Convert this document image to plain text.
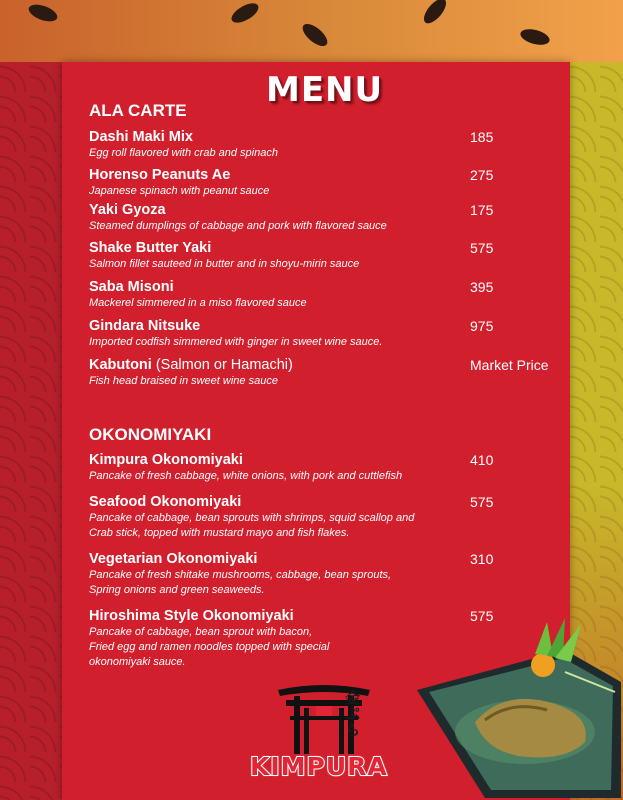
MENU
ALA CARTE
Dashi Maki Mix
Egg roll flavored with crab and spinach
185
Horenso Peanuts Ae
Japanese spinach with peanut sauce
275
Yaki Gyoza
Steamed dumplings of cabbage and pork with flavored sauce
175
Shake Butter Yaki
Salmon fillet sauteed in butter and in shoyu-mirin sauce
575
Saba Misoni
Mackerel simmered in a miso flavored sauce
395
Gindara Nitsuke
Imported codfish simmered with ginger in sweet wine sauce.
975
Kabutoni (Salmon or Hamachi)
Fish head braised in sweet wine sauce
Market Price
OKONOMIYAKI
Kimpura Okonomiyaki
Pancake of fresh cabbage, white onions, with pork and cuttlefish
410
Seafood Okonomiyaki
Pancake of cabbage, bean sprouts with shrimps, squid scallop and
Crab stick, topped with mustard mayo and fish flakes.
575
Vegetarian Okonomiyaki
Pancake of fresh shitake mushrooms, cabbage, bean sprouts,
Spring onions and green seaweeds.
310
Hiroshima Style Okonomiyaki
Pancake of cabbage, bean sprout with bacon,
Fried egg and ramen noodles topped with special
okonomiyaki sauce.
575
金ぷら
KIMPURA
